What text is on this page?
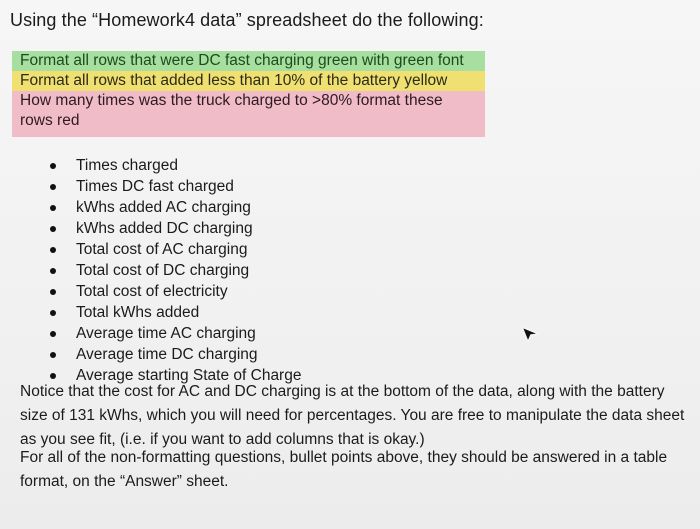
Using the “Homework4 data” spreadsheet do the following:
Format all rows that were DC fast charging green with green font
Format all rows that added less than 10% of the battery yellow
How many times was the truck charged to >80% format these rows red
Times charged
Times DC fast charged
kWhs added AC charging
kWhs added DC charging
Total cost of AC charging
Total cost of DC charging
Total cost of electricity
Total kWhs added
Average time AC charging
Average time DC charging
Average starting State of Charge
Notice that the cost for AC and DC charging is at the bottom of the data, along with the battery size of 131 kWhs, which you will need for percentages. You are free to manipulate the data sheet as you see fit, (i.e. if you want to add columns that is okay.)
For all of the non-formatting questions, bullet points above, they should be answered in a table format, on the “Answer” sheet.
